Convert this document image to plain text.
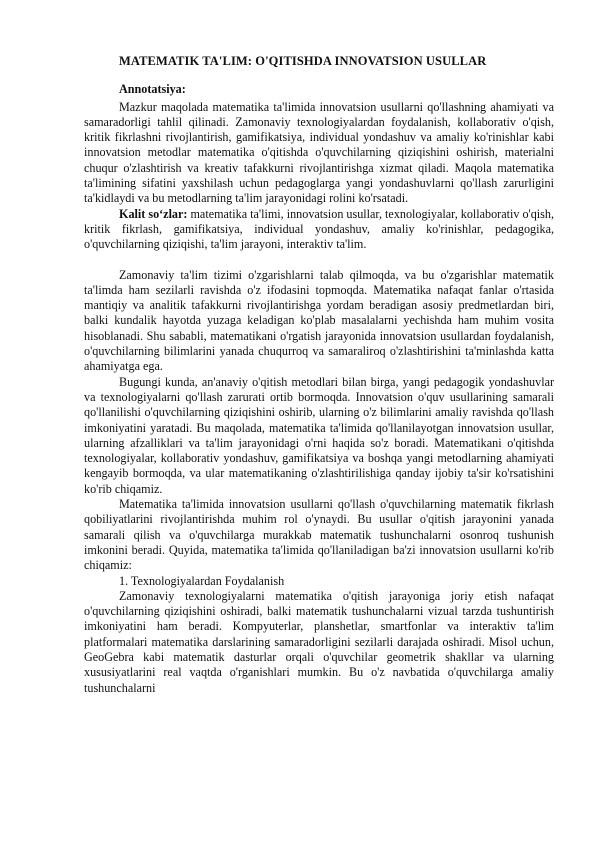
MATEMATIK TA'LIM: O'QITISHDA INNOVATSION USULLAR
Annotatsiya:

Mazkur maqolada matematika ta'limida innovatsion usullarni qo'llashning ahamiyati va samaradorligi tahlil qilinadi. Zamonaviy texnologiyalardan foydalanish, kollaborativ o'qish, kritik fikrlashni rivojlantirish, gamifikatsiya, individual yondashuv va amaliy ko'rinishlar kabi innovatsion metodlar matematika o'qitishda o'quvchilarning qiziqishini oshirish, materialni chuqur o'zlashtirish va kreativ tafakkurni rivojlantirishga xizmat qiladi. Maqola matematika ta'limining sifatini yaxshilash uchun pedagoglarga yangi yondashuvlarni qo'llash zarurligini ta'kidlaydi va bu metodlarning ta'lim jarayonidagi rolini ko'rsatadi.

Kalit so‘zlar: matematika ta'limi, innovatsion usullar, texnologiyalar, kollaborativ o'qish, kritik fikrlash, gamifikatsiya, individual yondashuv, amaliy ko'rinishlar, pedagogika, o'quvchilarning qiziqishi, ta'lim jarayoni, interaktiv ta'lim.

Zamonaviy ta'lim tizimi o'zgarishlarni talab qilmoqda, va bu o'zgarishlar matematik ta'limda ham sezilarli ravishda o'z ifodasini topmoqda. Matematika nafaqat fanlar o'rtasida mantiqiy va analitik tafakkurni rivojlantirishga yordam beradigan asosiy predmetlardan biri, balki kundalik hayotda yuzaga keladigan ko'plab masalalarni yechishda ham muhim vosita hisoblanadi. Shu sababli, matematikani o'rgatish jarayonida innovatsion usullardan foydalanish, o'quvchilarning bilimlarini yanada chuqurroq va samaraliroq o'zlashtirishini ta'minlashda katta ahamiyatga ega.

Bugungi kunda, an'anaviy o'qitish metodlari bilan birga, yangi pedagogik yondashuvlar va texnologiyalarni qo'llash zarurati ortib bormoqda. Innovatsion o'quv usullarining samarali qo'llanilishi o'quvchilarning qiziqishini oshirib, ularning o'z bilimlarini amaliy ravishda qo'llash imkoniyatini yaratadi. Bu maqolada, matematika ta'limida qo'llanilayotgan innovatsion usullar, ularning afzalliklari va ta'lim jarayonidagi o'rni haqida so'z boradi. Matematikani o'qitishda texnologiyalar, kollaborativ yondashuv, gamifikatsiya va boshqa yangi metodlarning ahamiyati kengayib bormoqda, va ular matematikaning o'zlashtirilishiga qanday ijobiy ta'sir ko'rsatishini ko'rib chiqamiz.

Matematika ta'limida innovatsion usullarni qo'llash o'quvchilarning matematik fikrlash qobiliyatlarini rivojlantirishda muhim rol o'ynaydi. Bu usullar o'qitish jarayonini yanada samarali qilish va o'quvchilarga murakkab matematik tushunchalarni osonroq tushunish imkonini beradi. Quyida, matematika ta'limida qo'llaniladigan ba'zi innovatsion usullarni ko'rib chiqamiz:

1. Texnologiyalardan Foydalanish

Zamonaviy texnologiyalarni matematika o'qitish jarayoniga joriy etish nafaqat o'quvchilarning qiziqishini oshiradi, balki matematik tushunchalarni vizual tarzda tushuntirish imkoniyatini ham beradi. Kompyuterlar, planshetlar, smartfonlar va interaktiv ta'lim platformalari matematika darslarining samaradorligini sezilarli darajada oshiradi. Misol uchun, GeoGebra kabi matematik dasturlar orqali o'quvchilar geometrik shakllar va ularning xususiyatlarini real vaqtda o'rganishlari mumkin. Bu o'z navbatida o'quvchilarga amaliy tushunchalarni
